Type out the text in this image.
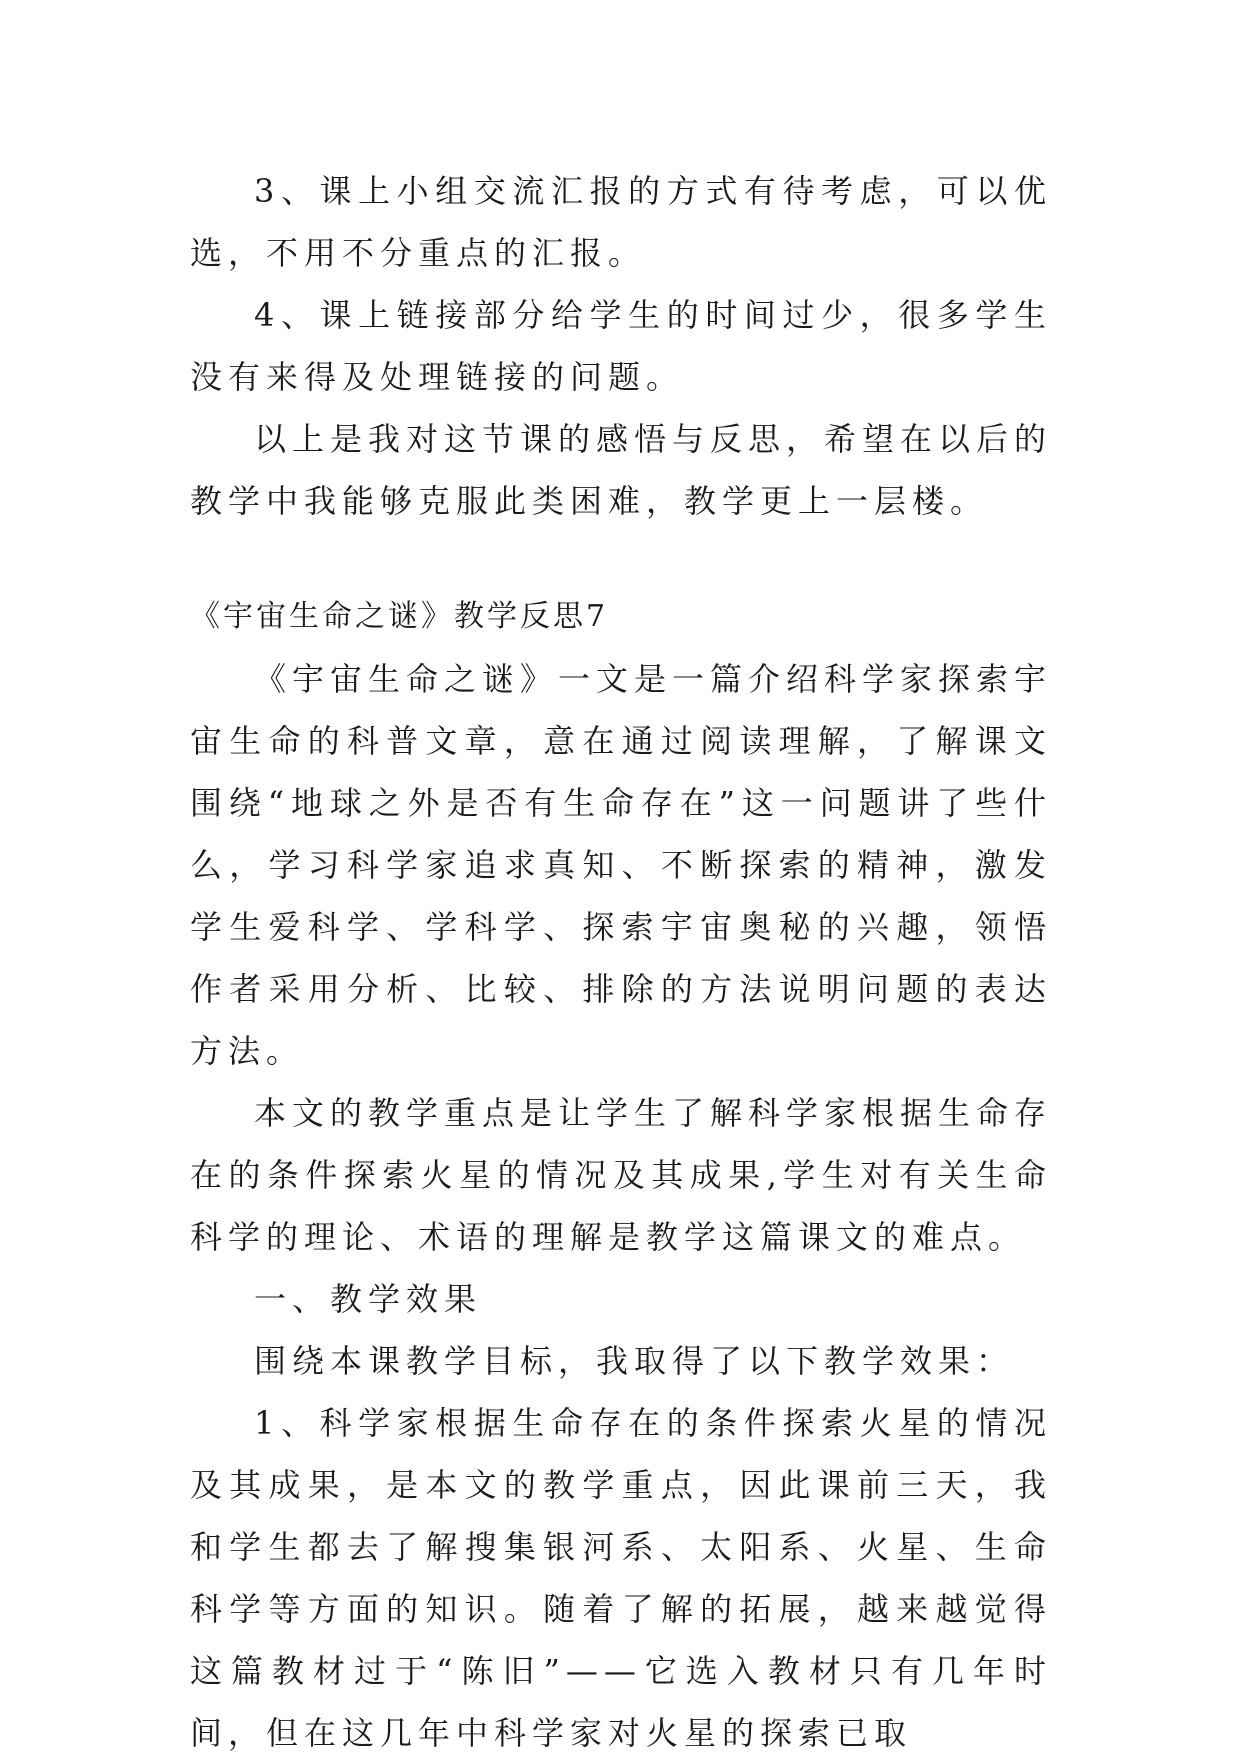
3、课上小组交流汇报的方式有待考虑，可以优选，不用不分重点的汇报。

4、课上链接部分给学生的时间过少，很多学生没有来得及处理链接的问题。

以上是我对这节课的感悟与反思，希望在以后的教学中我能够克服此类困难，教学更上一层楼。

《宇宙生命之谜》教学反思7

《宇宙生命之谜》一文是一篇介绍科学家探索宇宙生命的科普文章，意在通过阅读理解，了解课文围绕“地球之外是否有生命存在”这一问题讲了些什么，学习科学家追求真知、不断探索的精神，激发学生爱科学、学科学、探索宇宙奥秘的兴趣，领悟作者采用分析、比较、排除的方法说明问题的表达方法。

本文的教学重点是让学生了解科学家根据生命存在的条件探索火星的情况及其成果,学生对有关生命科学的理论、术语的理解是教学这篇课文的难点。

一、教学效果

围绕本课教学目标，我取得了以下教学效果：

1、科学家根据生命存在的条件探索火星的情况及其成果，是本文的教学重点，因此课前三天，我和学生都去了解搜集银河系、太阳系、火星、生命科学等方面的知识。随着了解的拓展，越来越觉得这篇教材过于“陈旧”——它选入教材只有几年时间，但在这几年中科学家对火星的探索已取
